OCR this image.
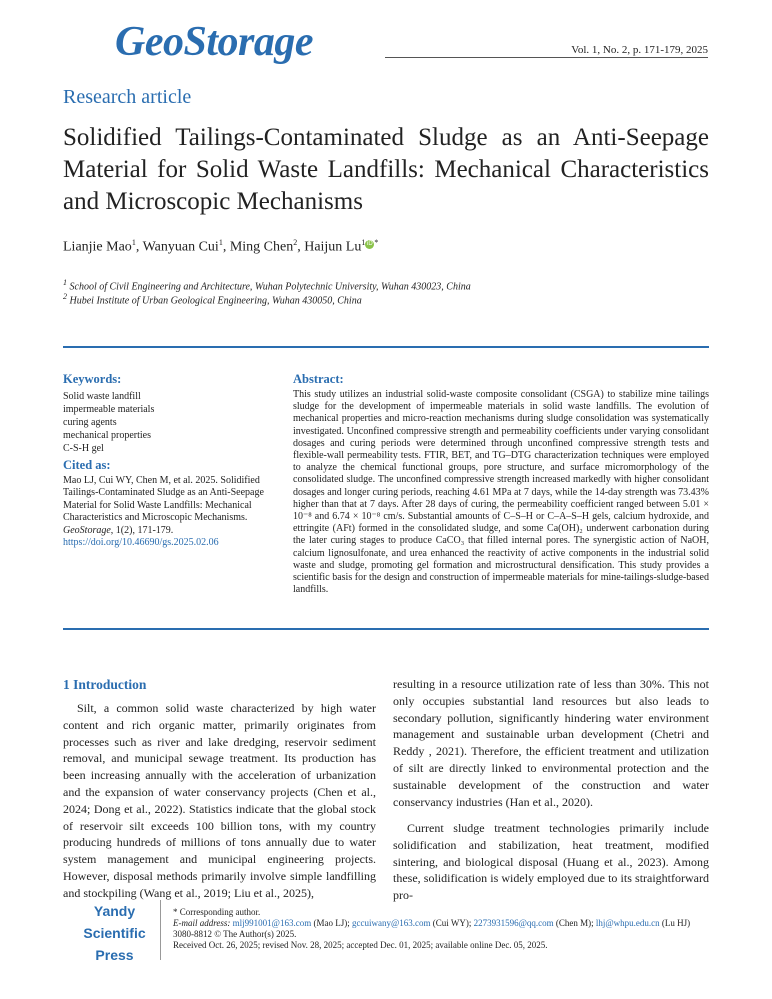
GeoStorage	Vol. 1, No. 2, p. 171-179, 2025
Research article
Solidified Tailings-Contaminated Sludge as an Anti-Seepage Material for Solid Waste Landfills: Mechanical Characteristics and Microscopic Mechanisms
Lianjie Mao$^1$, Wanyuan Cui$^1$, Ming Chen$^2$, Haijun Lu$^1$ iD *
$^1$ School of Civil Engineering and Architecture, Wuhan Polytechnic University, Wuhan 430023, China
$^2$ Hubei Institute of Urban Geological Engineering, Wuhan 430050, China
Keywords:
Solid waste landfill
impermeable materials
curing agents
mechanical properties
C-S-H gel
Cited as:
Mao LJ, Cui WY, Chen M, et al. 2025. Solidified Tailings-Contaminated Sludge as an Anti-Seepage Material for Solid Waste Landfills: Mechanical Characteristics and Microscopic Mechanisms. GeoStorage, 1(2), 171-179. https://doi.org/10.46690/gs.2025.02.06
Abstract:
This study utilizes an industrial solid-waste composite consolidant (CSGA) to stabilize mine tailings sludge for the development of impermeable materials in solid waste landfills. The evolution of mechanical properties and micro-reaction mechanisms during sludge consolidation was systematically investigated. Unconfined compressive strength and permeability coefficients under varying consolidant dosages and curing periods were determined through unconfined compressive strength tests and flexible-wall permeability tests. FTIR, BET, and TG–DTG characterization techniques were employed to analyze the chemical functional groups, pore structure, and surface micromorphology of the consolidated sludge. The unconfined compressive strength increased markedly with higher consolidant dosages and longer curing periods, reaching 4.61 MPa at 7 days, while the 14-day strength was 73.43% higher than that at 7 days. After 28 days of curing, the permeability coefficient ranged between 5.01 × 10⁻⁸ and 6.74 × 10⁻⁸ cm/s. Substantial amounts of C–S–H or C–A–S–H gels, calcium hydroxide, and ettringite (AFt) formed in the consolidated sludge, and some Ca(OH)₂ underwent carbonation during the later curing stages to produce CaCO₃ that filled internal pores. The synergistic action of NaOH, calcium lignosulfonate, and urea enhanced the reactivity of active components in the industrial solid waste and sludge, promoting gel formation and microstructural densification. This study provides a scientific basis for the design and construction of impermeable materials for mine-tailings-sludge-based landfills.
1 Introduction
Silt, a common solid waste characterized by high water content and rich organic matter, primarily originates from processes such as river and lake dredging, reservoir sediment removal, and municipal sewage treatment. Its production has been increasing annually with the acceleration of urbanization and the expansion of water conservancy projects (Chen et al., 2024; Dong et al., 2022). Statistics indicate that the global stock of reservoir silt exceeds 100 billion tons, with my country producing hundreds of millions of tons annually due to water system management and municipal engineering projects. However, disposal methods primarily involve simple landfilling and stockpiling (Wang et al., 2019; Liu et al., 2025),
resulting in a resource utilization rate of less than 30%. This not only occupies substantial land resources but also leads to secondary pollution, significantly hindering water environment management and sustainable urban development (Chetri and Reddy , 2021). Therefore, the efficient treatment and utilization of silt are directly linked to environmental protection and the sustainable development of the construction and water conservancy industries (Han et al., 2020).
Current sludge treatment technologies primarily include solidification and stabilization, heat treatment, modified sintering, and biological disposal (Huang et al., 2023). Among these, solidification is widely employed due to its straightforward pro-
Yandy
Scientific
Press
* Corresponding author.
E-mail address: mlj991001@163.com (Mao LJ); gccuiwany@163.com (Cui WY); 2273931596@qq.com (Chen M); lhj@whpu.edu.cn (Lu HJ)
3080-8812 © The Author(s) 2025.
Received Oct. 26, 2025; revised Nov. 28, 2025; accepted Dec. 01, 2025; available online Dec. 05, 2025.
